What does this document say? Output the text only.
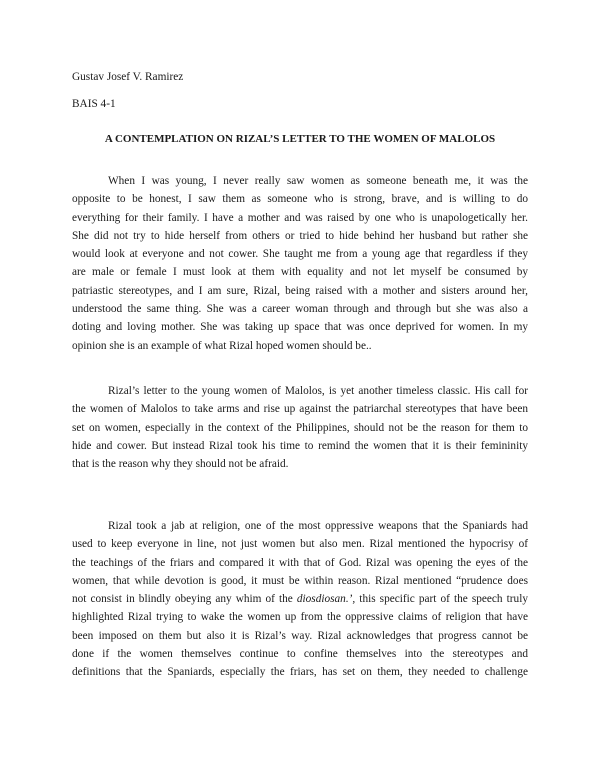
Gustav Josef V. Ramirez
BAIS 4-1
A CONTEMPLATION ON RIZAL’S LETTER TO THE WOMEN OF MALOLOS
When I was young, I never really saw women as someone beneath me, it was the
opposite to be honest, I saw them as someone who is strong, brave, and is willing to do
everything for their family. I have a mother and was raised by one who is unapologetically her.
She did not try to hide herself from others or tried to hide behind her husband but rather she
would look at everyone and not cower. She taught me from a young age that regardless if they
are male or female I must look at them with equality and not let myself be consumed by
patriastic stereotypes, and I am sure, Rizal, being raised with a mother and sisters around her,
understood the same thing. She was a career woman through and through but she was also a
doting and loving mother. She was taking up space that was once deprived for women. In my
opinion she is an example of what Rizal hoped women should be..
Rizal’s letter to the young women of Malolos, is yet another timeless classic. His call for
the women of Malolos to take arms and rise up against the patriarchal stereotypes that have been
set on women, especially in the context of the Philippines, should not be the reason for them to
hide and cower. But instead Rizal took his time to remind the women that it is their femininity
that is the reason why they should not be afraid.
Rizal took a jab at religion, one of the most oppressive weapons that the Spaniards had
used to keep everyone in line, not just women but also men. Rizal mentioned the hypocrisy of
the teachings of the friars and compared it with that of God. Rizal was opening the eyes of the
women, that while devotion is good, it must be within reason. Rizal mentioned “prudence does
not consist in blindly obeying any whim of the diosdiosan.’, this specific part of the speech truly
highlighted Rizal trying to wake the women up from the oppressive claims of religion that have
been imposed on them but also it is Rizal’s way. Rizal acknowledges that progress cannot be
done if the women themselves continue to confine themselves into the stereotypes and
definitions that the Spaniards, especially the friars, has set on them, they needed to challenge
